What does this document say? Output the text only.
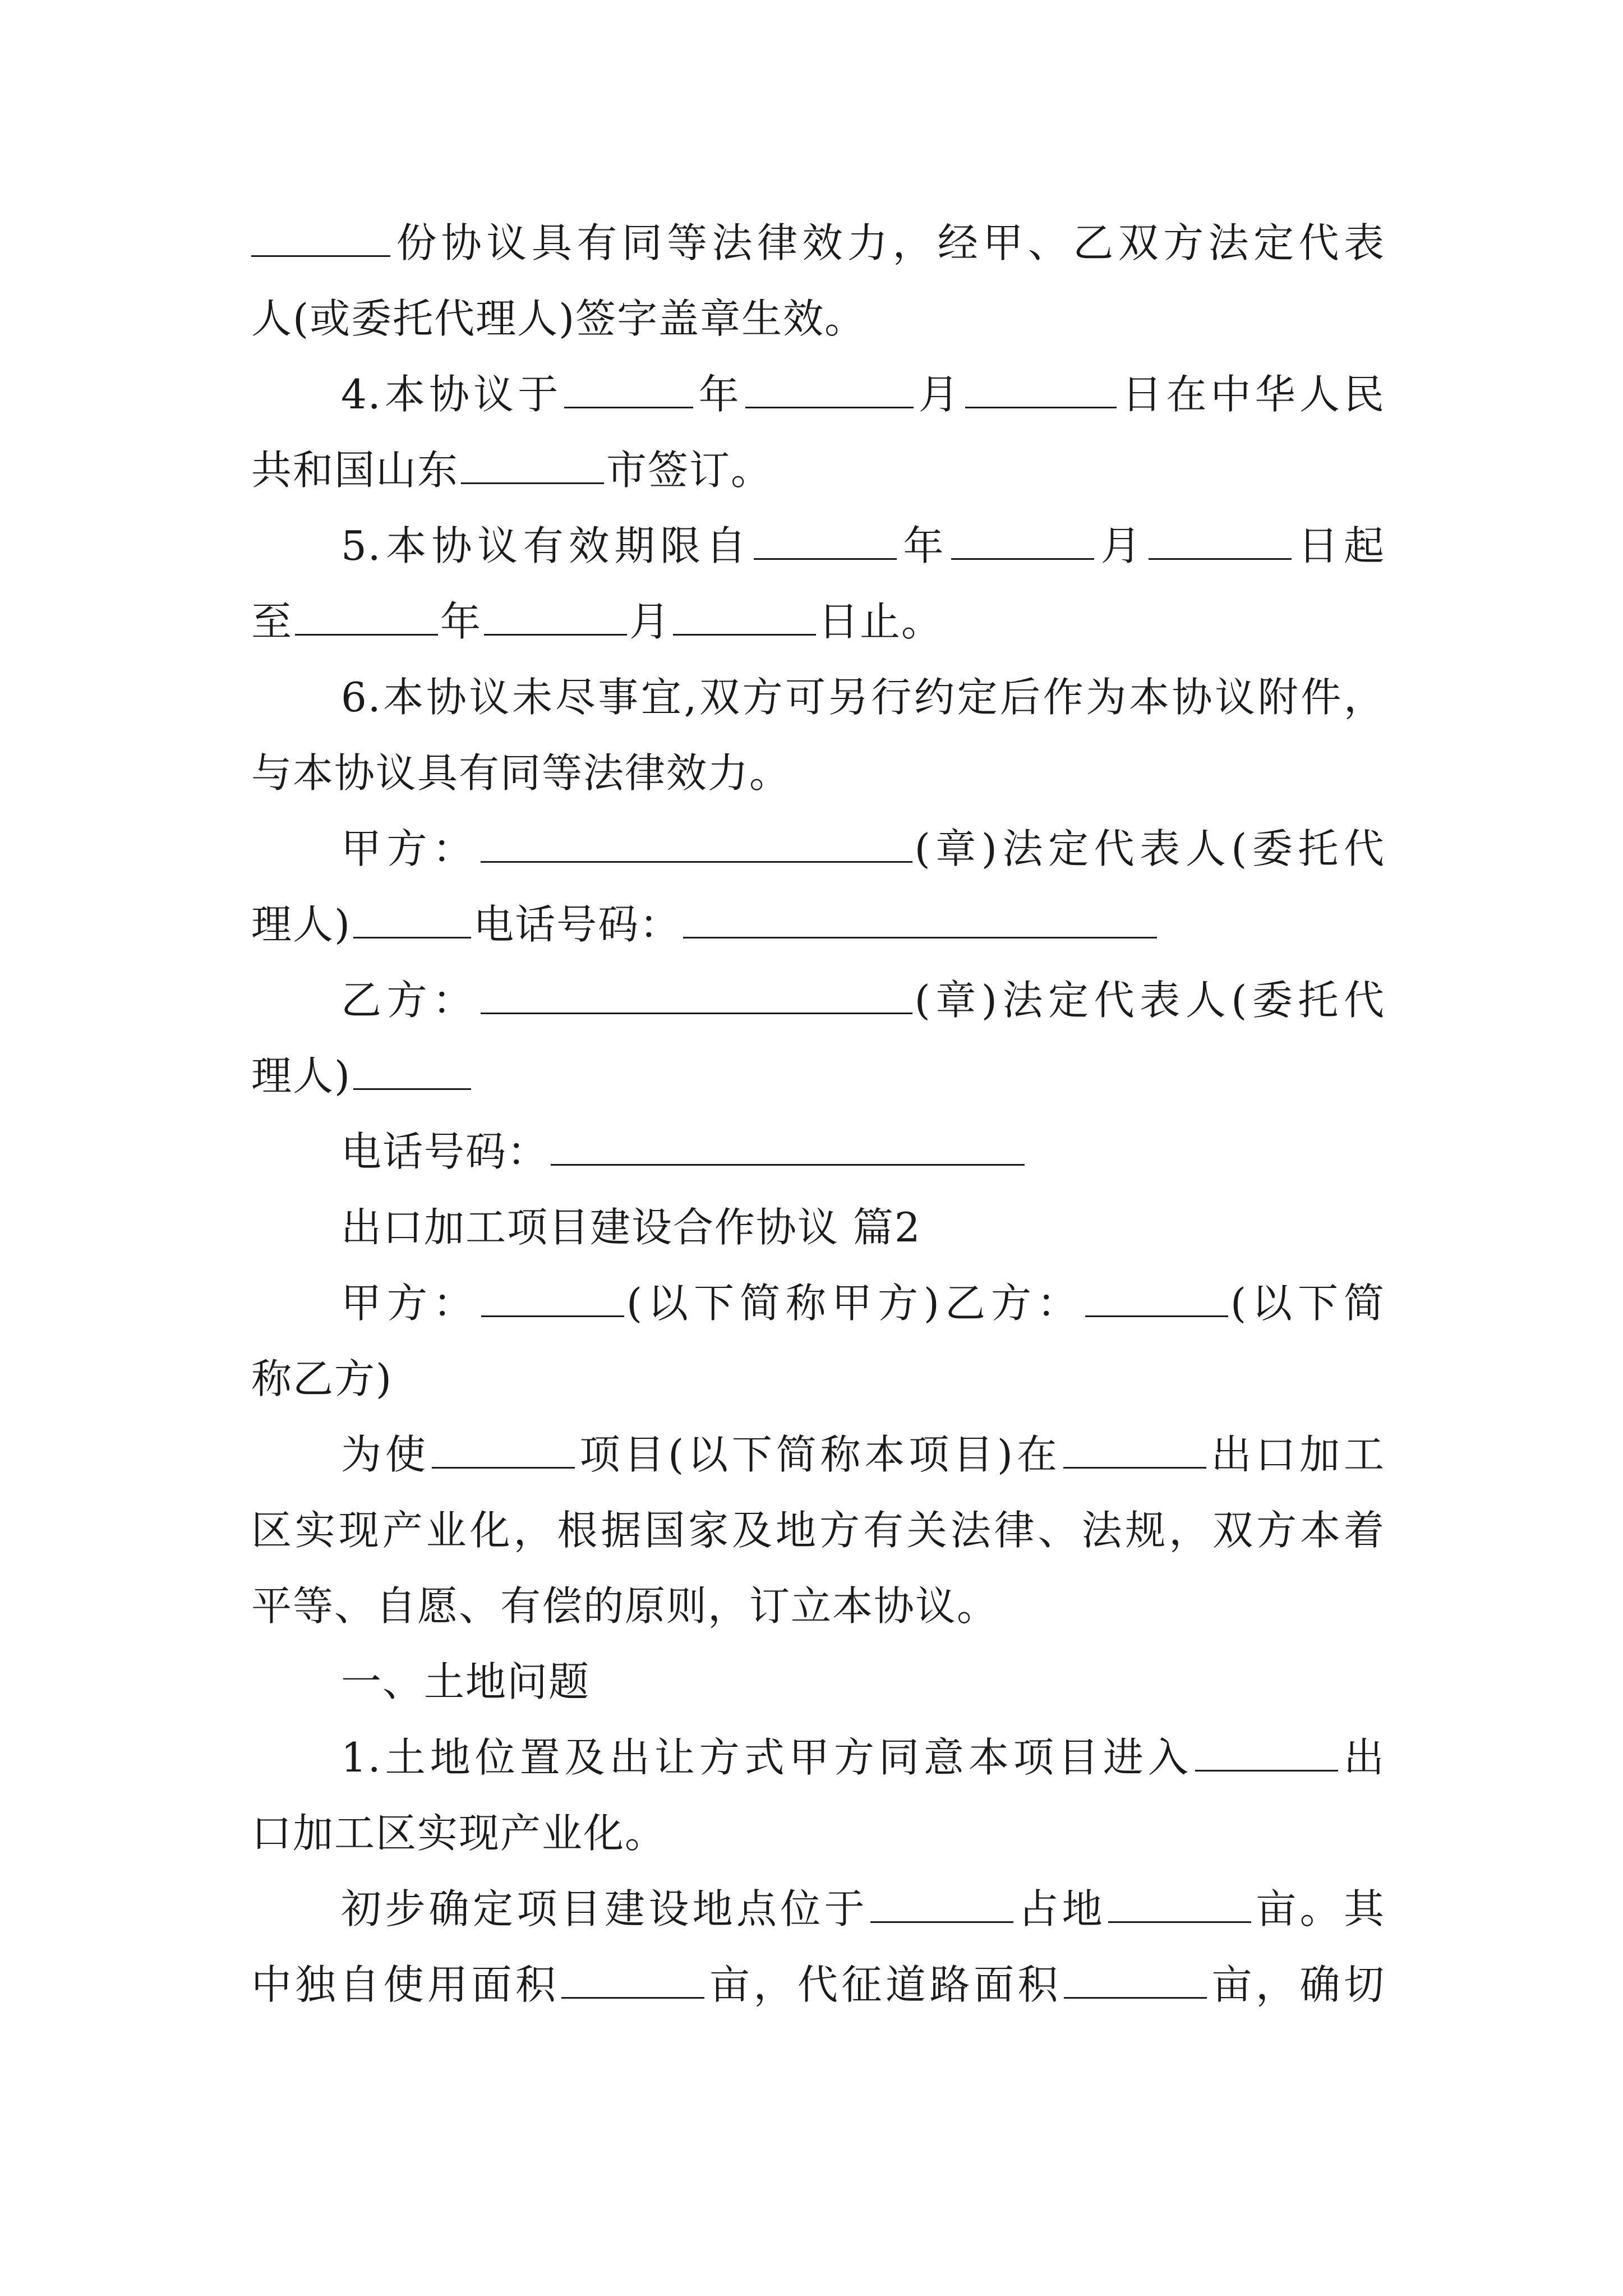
份协议具有同等法律效力，经甲、乙双方法定代表
人(或委托代理人)签字盖章生效。
4.本协议于	年	月	日在中华人民
共和国山东	市签订。
5.本协议有效期限自	年	月	日起
至	年	月	日止。
6.本协议未尽事宜,双方可另行约定后作为本协议附件，
与本协议具有同等法律效力。
甲方：	(章)法定代表人(委托代
理人)	电话号码：
乙方：	(章)法定代表人(委托代
理人)
电话号码：
出口加工项目建设合作协议 篇2
甲方：	(以下简称甲方)乙方：	(以下简
称乙方)
为使	项目(以下简称本项目)在	出口加工
区实现产业化，根据国家及地方有关法律、法规，双方本着
平等、自愿、有偿的原则，订立本协议。
一、土地问题
1.土地位置及出让方式甲方同意本项目进入	出
口加工区实现产业化。
初步确定项目建设地点位于	占地	亩。其
中独自使用面积	亩，代征道路面积	亩，确切
